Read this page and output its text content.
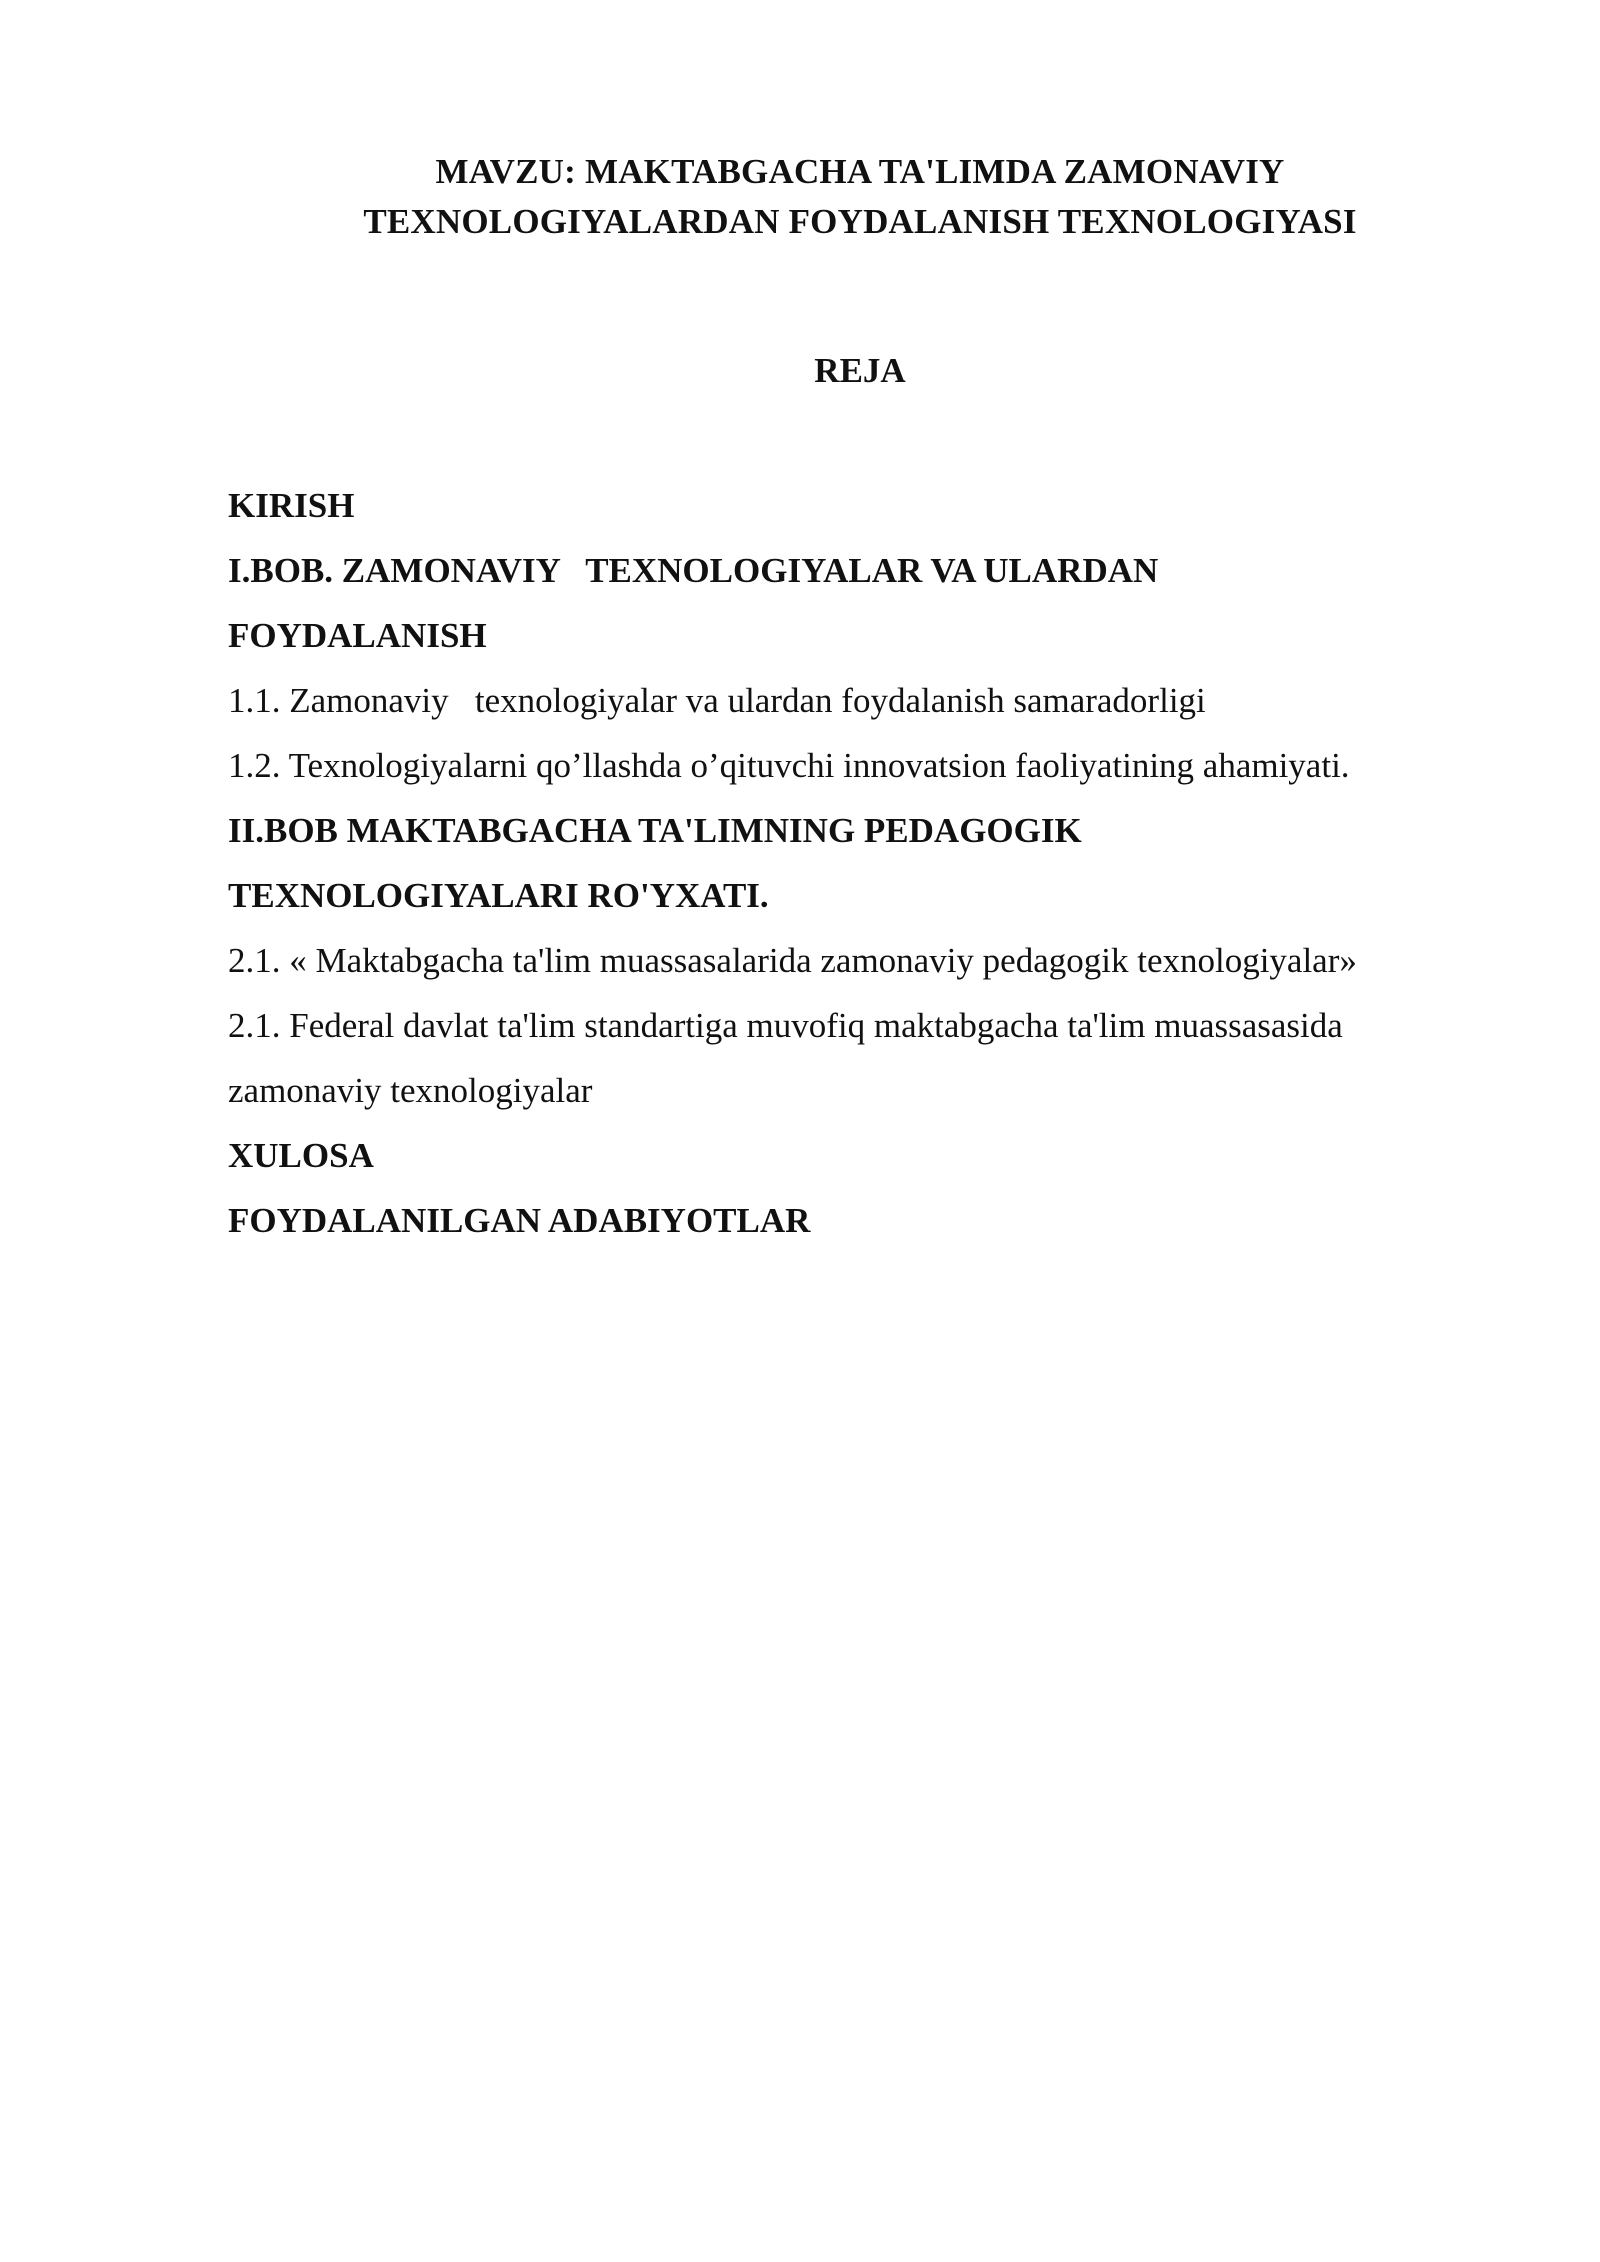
MAVZU: MAKTABGACHA TA'LIMDA ZAMONAVIY
TEXNOLOGIYALARDAN FOYDALANISH TEXNOLOGIYASI
REJA
KIRISH
I.BOB. ZAMONAVIY   TEXNOLOGIYALAR VA ULARDAN
FOYDALANISH
1.1. Zamonaviy   texnologiyalar va ulardan foydalanish samaradorligi
1.2. Texnologiyalarni qo’llashda o’qituvchi innovatsion faoliyatining ahamiyati.
II.BOB MAKTABGACHA TA'LIMNING PEDAGOGIK
TEXNOLOGIYALARI RO'YXATI.
2.1. « Maktabgacha ta'lim muassasalarida zamonaviy pedagogik texnologiyalar»
2.1. Federal davlat ta'lim standartiga muvofiq maktabgacha ta'lim muassasasida
zamonaviy texnologiyalar
XULOSA
FOYDALANILGAN ADABIYOTLAR
